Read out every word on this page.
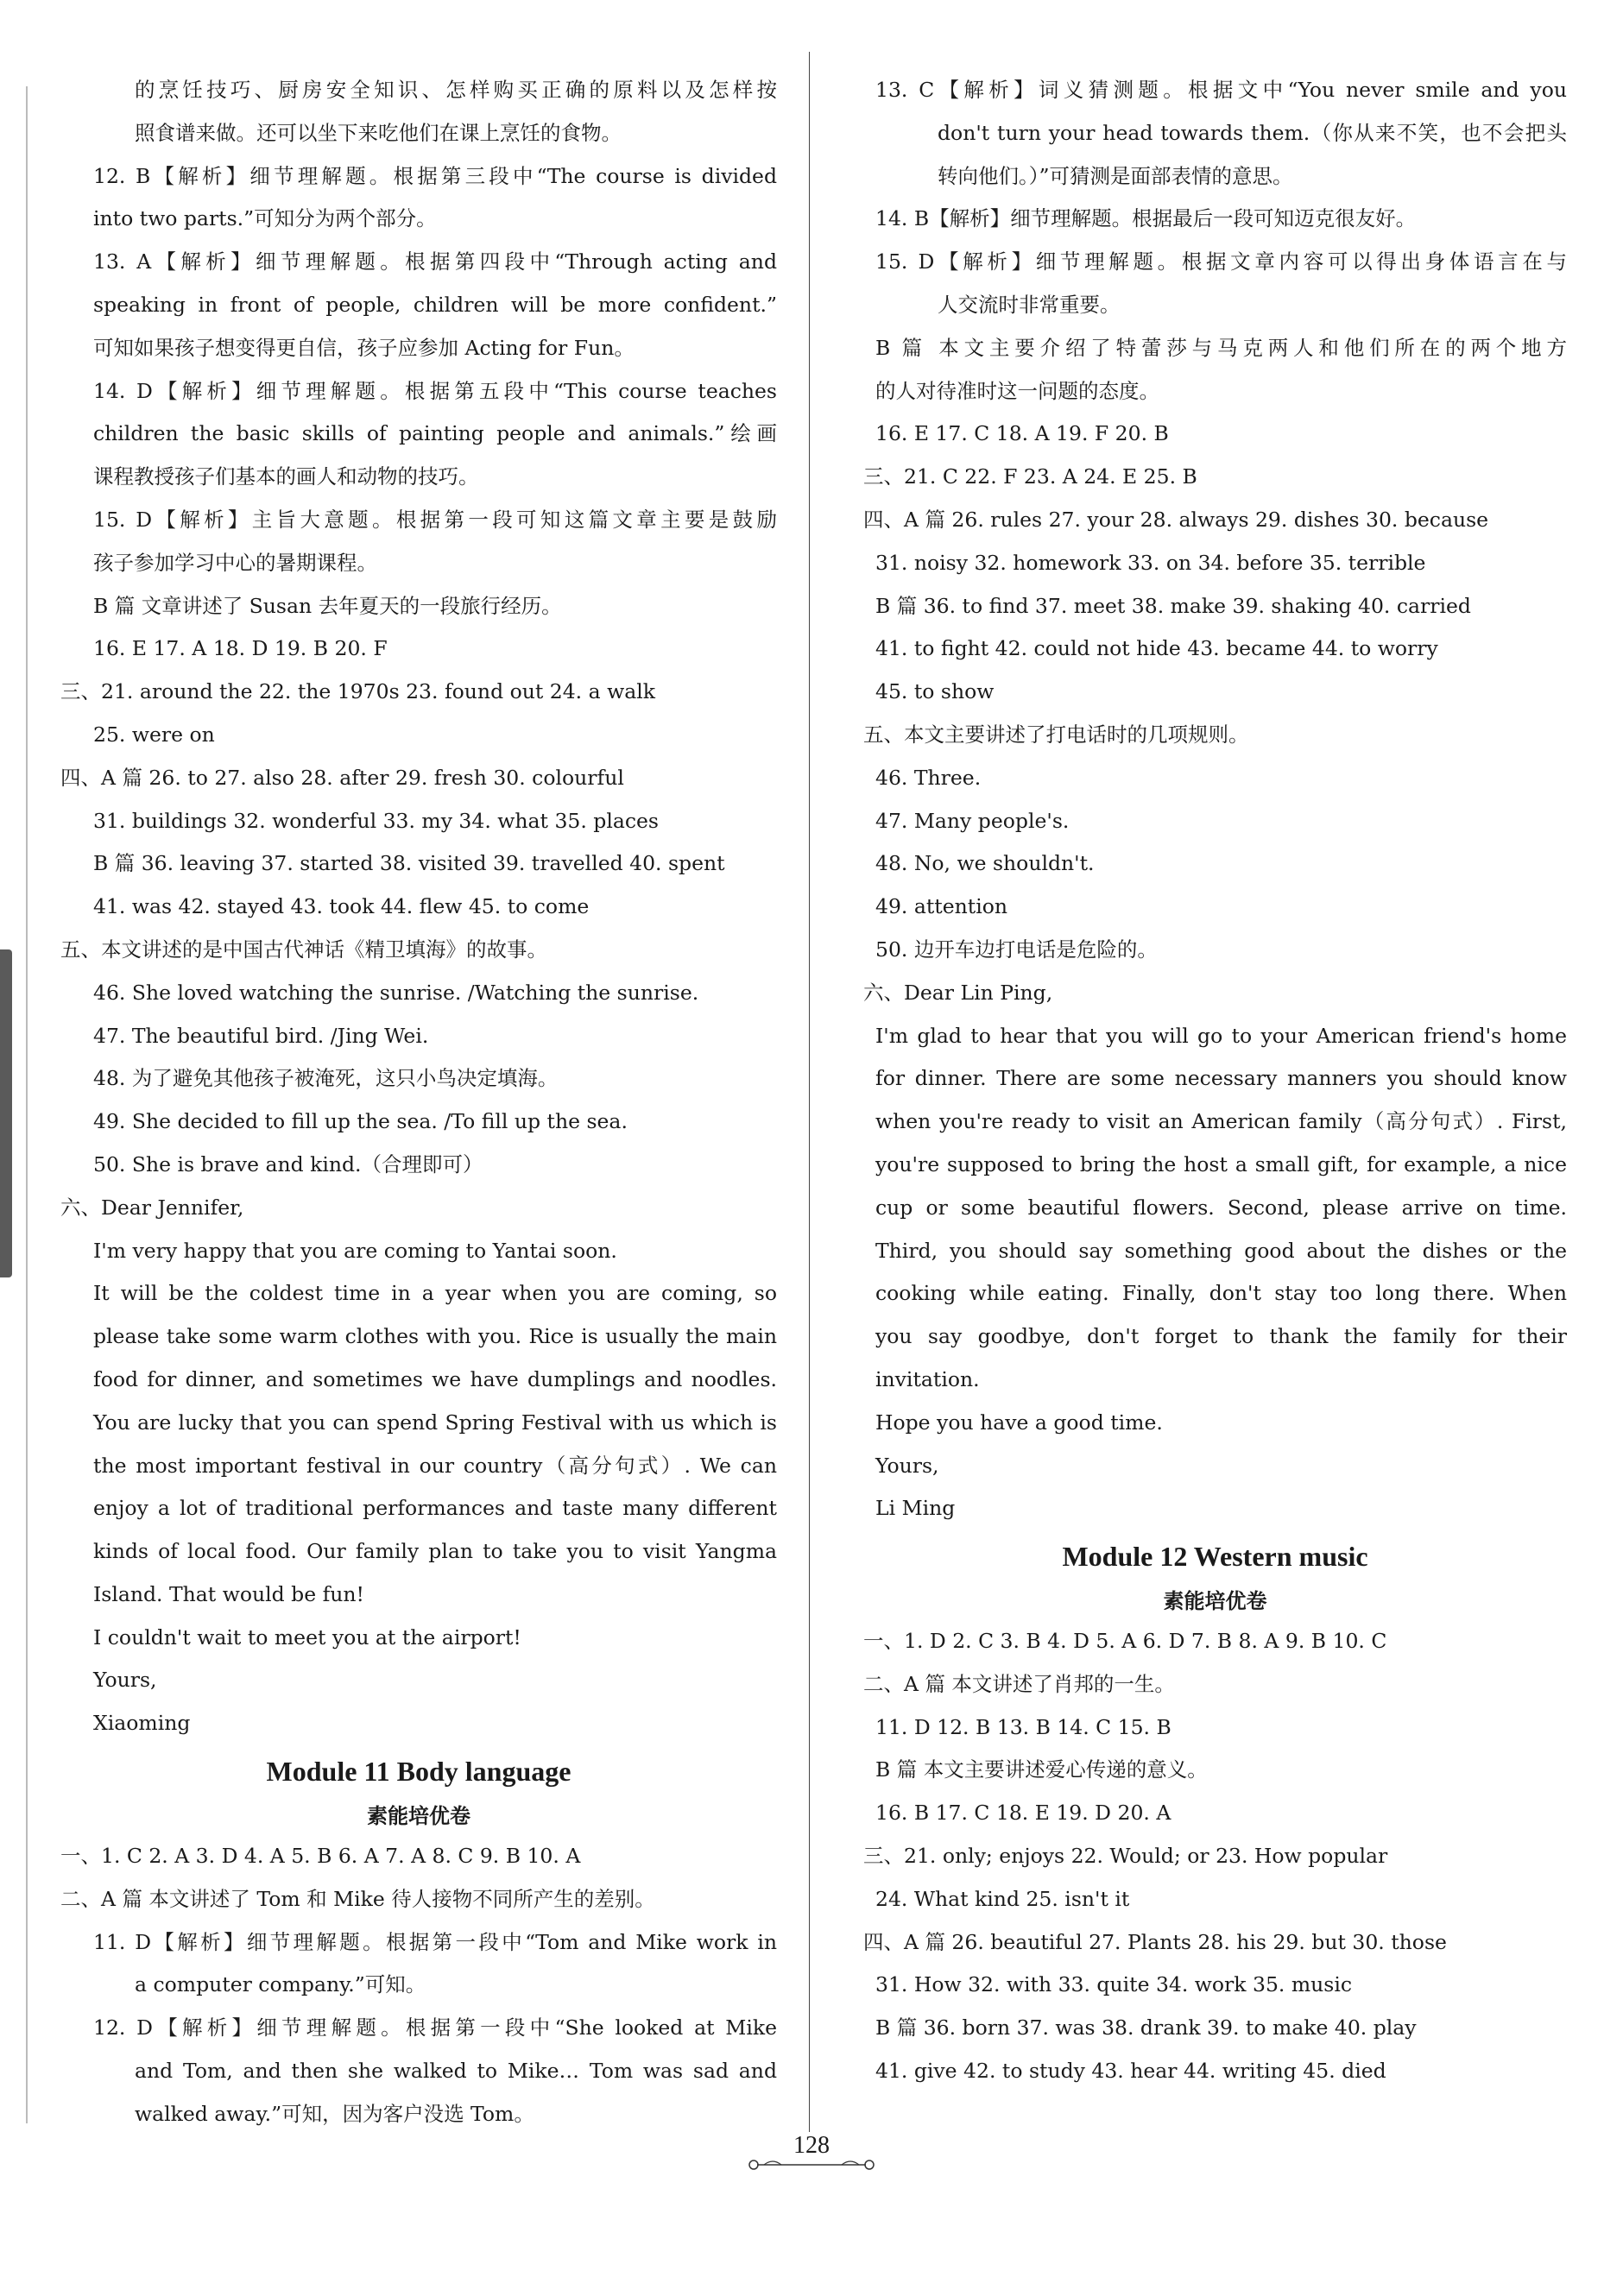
的烹饪技巧、厨房安全知识、怎样购买正确的原料以及怎样按
照食谱来做。还可以坐下来吃他们在课上烹饪的食物。
12. B【解析】细节理解题。根据第三段中“The course is divided
into two parts.”可知分为两个部分。
13. A【解析】细节理解题。根据第四段中“Through acting and
speaking in front of people, children will be more confident.”
可知如果孩子想变得更自信，孩子应参加 Acting for Fun。
14. D【解析】细节理解题。根据第五段中“This course teaches
children the basic skills of painting people and animals.”绘画
课程教授孩子们基本的画人和动物的技巧。
15. D【解析】主旨大意题。根据第一段可知这篇文章主要是鼓励
孩子参加学习中心的暑期课程。
B 篇 文章讲述了 Susan 去年夏天的一段旅行经历。
16. E 17. A 18. D 19. B 20. F
三、21. around the 22. the 1970s 23. found out 24. a walk
25. were on
四、A 篇 26. to 27. also 28. after 29. fresh 30. colourful
31. buildings 32. wonderful 33. my 34. what 35. places
B 篇 36. leaving 37. started 38. visited 39. travelled 40. spent
41. was 42. stayed 43. took 44. flew 45. to come
五、本文讲述的是中国古代神话《精卫填海》的故事。
46. She loved watching the sunrise. /Watching the sunrise.
47. The beautiful bird. /Jing Wei.
48. 为了避免其他孩子被淹死，这只小鸟决定填海。
49. She decided to fill up the sea. /To fill up the sea.
50. She is brave and kind.（合理即可）
六、Dear Jennifer,
I'm very happy that you are coming to Yantai soon.
It will be the coldest time in a year when you are coming, so
please take some warm clothes with you. Rice is usually the main
food for dinner, and sometimes we have dumplings and noodles.
You are lucky that you can spend Spring Festival with us which is
the most important festival in our country（高分句式）. We can
enjoy a lot of traditional performances and taste many different
kinds of local food. Our family plan to take you to visit Yangma
Island. That would be fun!
I couldn't wait to meet you at the airport!
Yours,
Xiaoming
Module 11 Body language
素能培优卷
一、1. C 2. A 3. D 4. A 5. B 6. A 7. A 8. C 9. B 10. A
二、A 篇 本文讲述了 Tom 和 Mike 待人接物不同所产生的差别。
11. D【解析】细节理解题。根据第一段中“Tom and Mike work in
a computer company.”可知。
12. D【解析】细节理解题。根据第一段中“She looked at Mike
and Tom, and then she walked to Mike… Tom was sad and
walked away.”可知，因为客户没选 Tom。
13. C【解析】词义猜测题。根据文中“You never smile and you
don't turn your head towards them.（你从来不笑，也不会把头
转向他们。）”可猜测是面部表情的意思。
14. B【解析】细节理解题。根据最后一段可知迈克很友好。
15. D【解析】细节理解题。根据文章内容可以得出身体语言在与
人交流时非常重要。
B 篇 本文主要介绍了特蕾莎与马克两人和他们所在的两个地方
的人对待准时这一问题的态度。
16. E 17. C 18. A 19. F 20. B
三、21. C 22. F 23. A 24. E 25. B
四、A 篇 26. rules 27. your 28. always 29. dishes 30. because
31. noisy 32. homework 33. on 34. before 35. terrible
B 篇 36. to find 37. meet 38. make 39. shaking 40. carried
41. to fight 42. could not hide 43. became 44. to worry
45. to show
五、本文主要讲述了打电话时的几项规则。
46. Three.
47. Many people's.
48. No, we shouldn't.
49. attention
50. 边开车边打电话是危险的。
六、Dear Lin Ping,
I'm glad to hear that you will go to your American friend's home
for dinner. There are some necessary manners you should know
when you're ready to visit an American family（高分句式）. First,
you're supposed to bring the host a small gift, for example, a nice
cup or some beautiful flowers. Second, please arrive on time.
Third, you should say something good about the dishes or the
cooking while eating. Finally, don't stay too long there. When
you say goodbye, don't forget to thank the family for their
invitation.
Hope you have a good time.
Yours,
Li Ming
Module 12 Western music
素能培优卷
一、1. D 2. C 3. B 4. D 5. A 6. D 7. B 8. A 9. B 10. C
二、A 篇 本文讲述了肖邦的一生。
11. D 12. B 13. B 14. C 15. B
B 篇 本文主要讲述爱心传递的意义。
16. B 17. C 18. E 19. D 20. A
三、21. only; enjoys 22. Would; or 23. How popular
24. What kind 25. isn't it
四、A 篇 26. beautiful 27. Plants 28. his 29. but 30. those
31. How 32. with 33. quite 34. work 35. music
B 篇 36. born 37. was 38. drank 39. to make 40. play
41. give 42. to study 43. hear 44. writing 45. died
128
